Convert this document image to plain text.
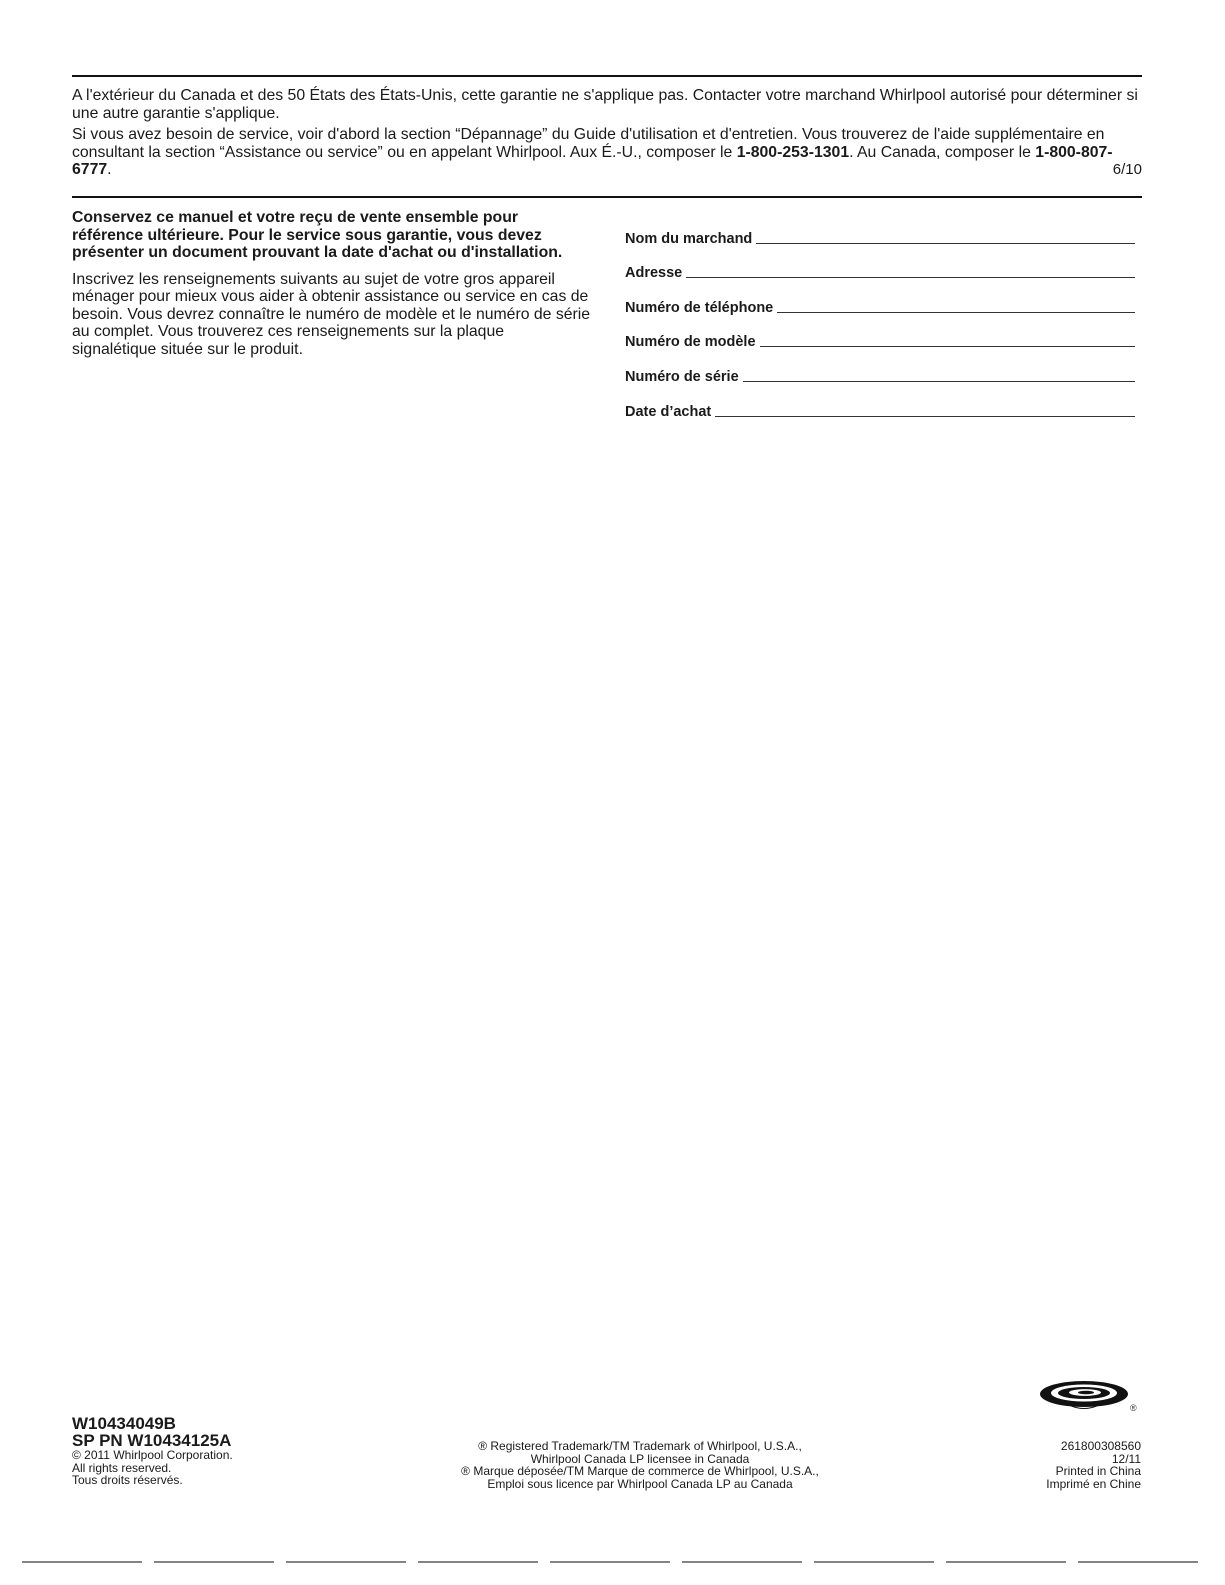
A l'extérieur du Canada et des 50 États des États-Unis, cette garantie ne s'applique pas. Contacter votre marchand Whirlpool autorisé pour déterminer si une autre garantie s'applique.

Si vous avez besoin de service, voir d'abord la section “Dépannage” du Guide d'utilisation et d'entretien. Vous trouverez de l'aide supplémentaire en consultant la section “Assistance ou service” ou en appelant Whirlpool. Aux É.-U., composer le 1-800-253-1301. Au Canada, composer le 1-800-807-6777.	6/10

Conservez ce manuel et votre reçu de vente ensemble pour référence ultérieure. Pour le service sous garantie, vous devez présenter un document prouvant la date d'achat ou d'installation.

Inscrivez les renseignements suivants au sujet de votre gros appareil ménager pour mieux vous aider à obtenir assistance ou service en cas de besoin. Vous devrez connaître le numéro de modèle et le numéro de série au complet. Vous trouverez ces renseignements sur la plaque signalétique située sur le produit.

Nom du marchand
Adresse
Numéro de téléphone
Numéro de modèle
Numéro de série
Date d’achat
®
W10434049B
SP PN W10434125A
© 2011 Whirlpool Corporation.
All rights reserved.
Tous droits réservés.
® Registered Trademark/TM Trademark of Whirlpool, U.S.A.,
Whirlpool Canada LP licensee in Canada
® Marque déposée/TM Marque de commerce de Whirlpool, U.S.A.,
Emploi sous licence par Whirlpool Canada LP au Canada
261800308560
12/11
Printed in China
Imprimé en Chine
